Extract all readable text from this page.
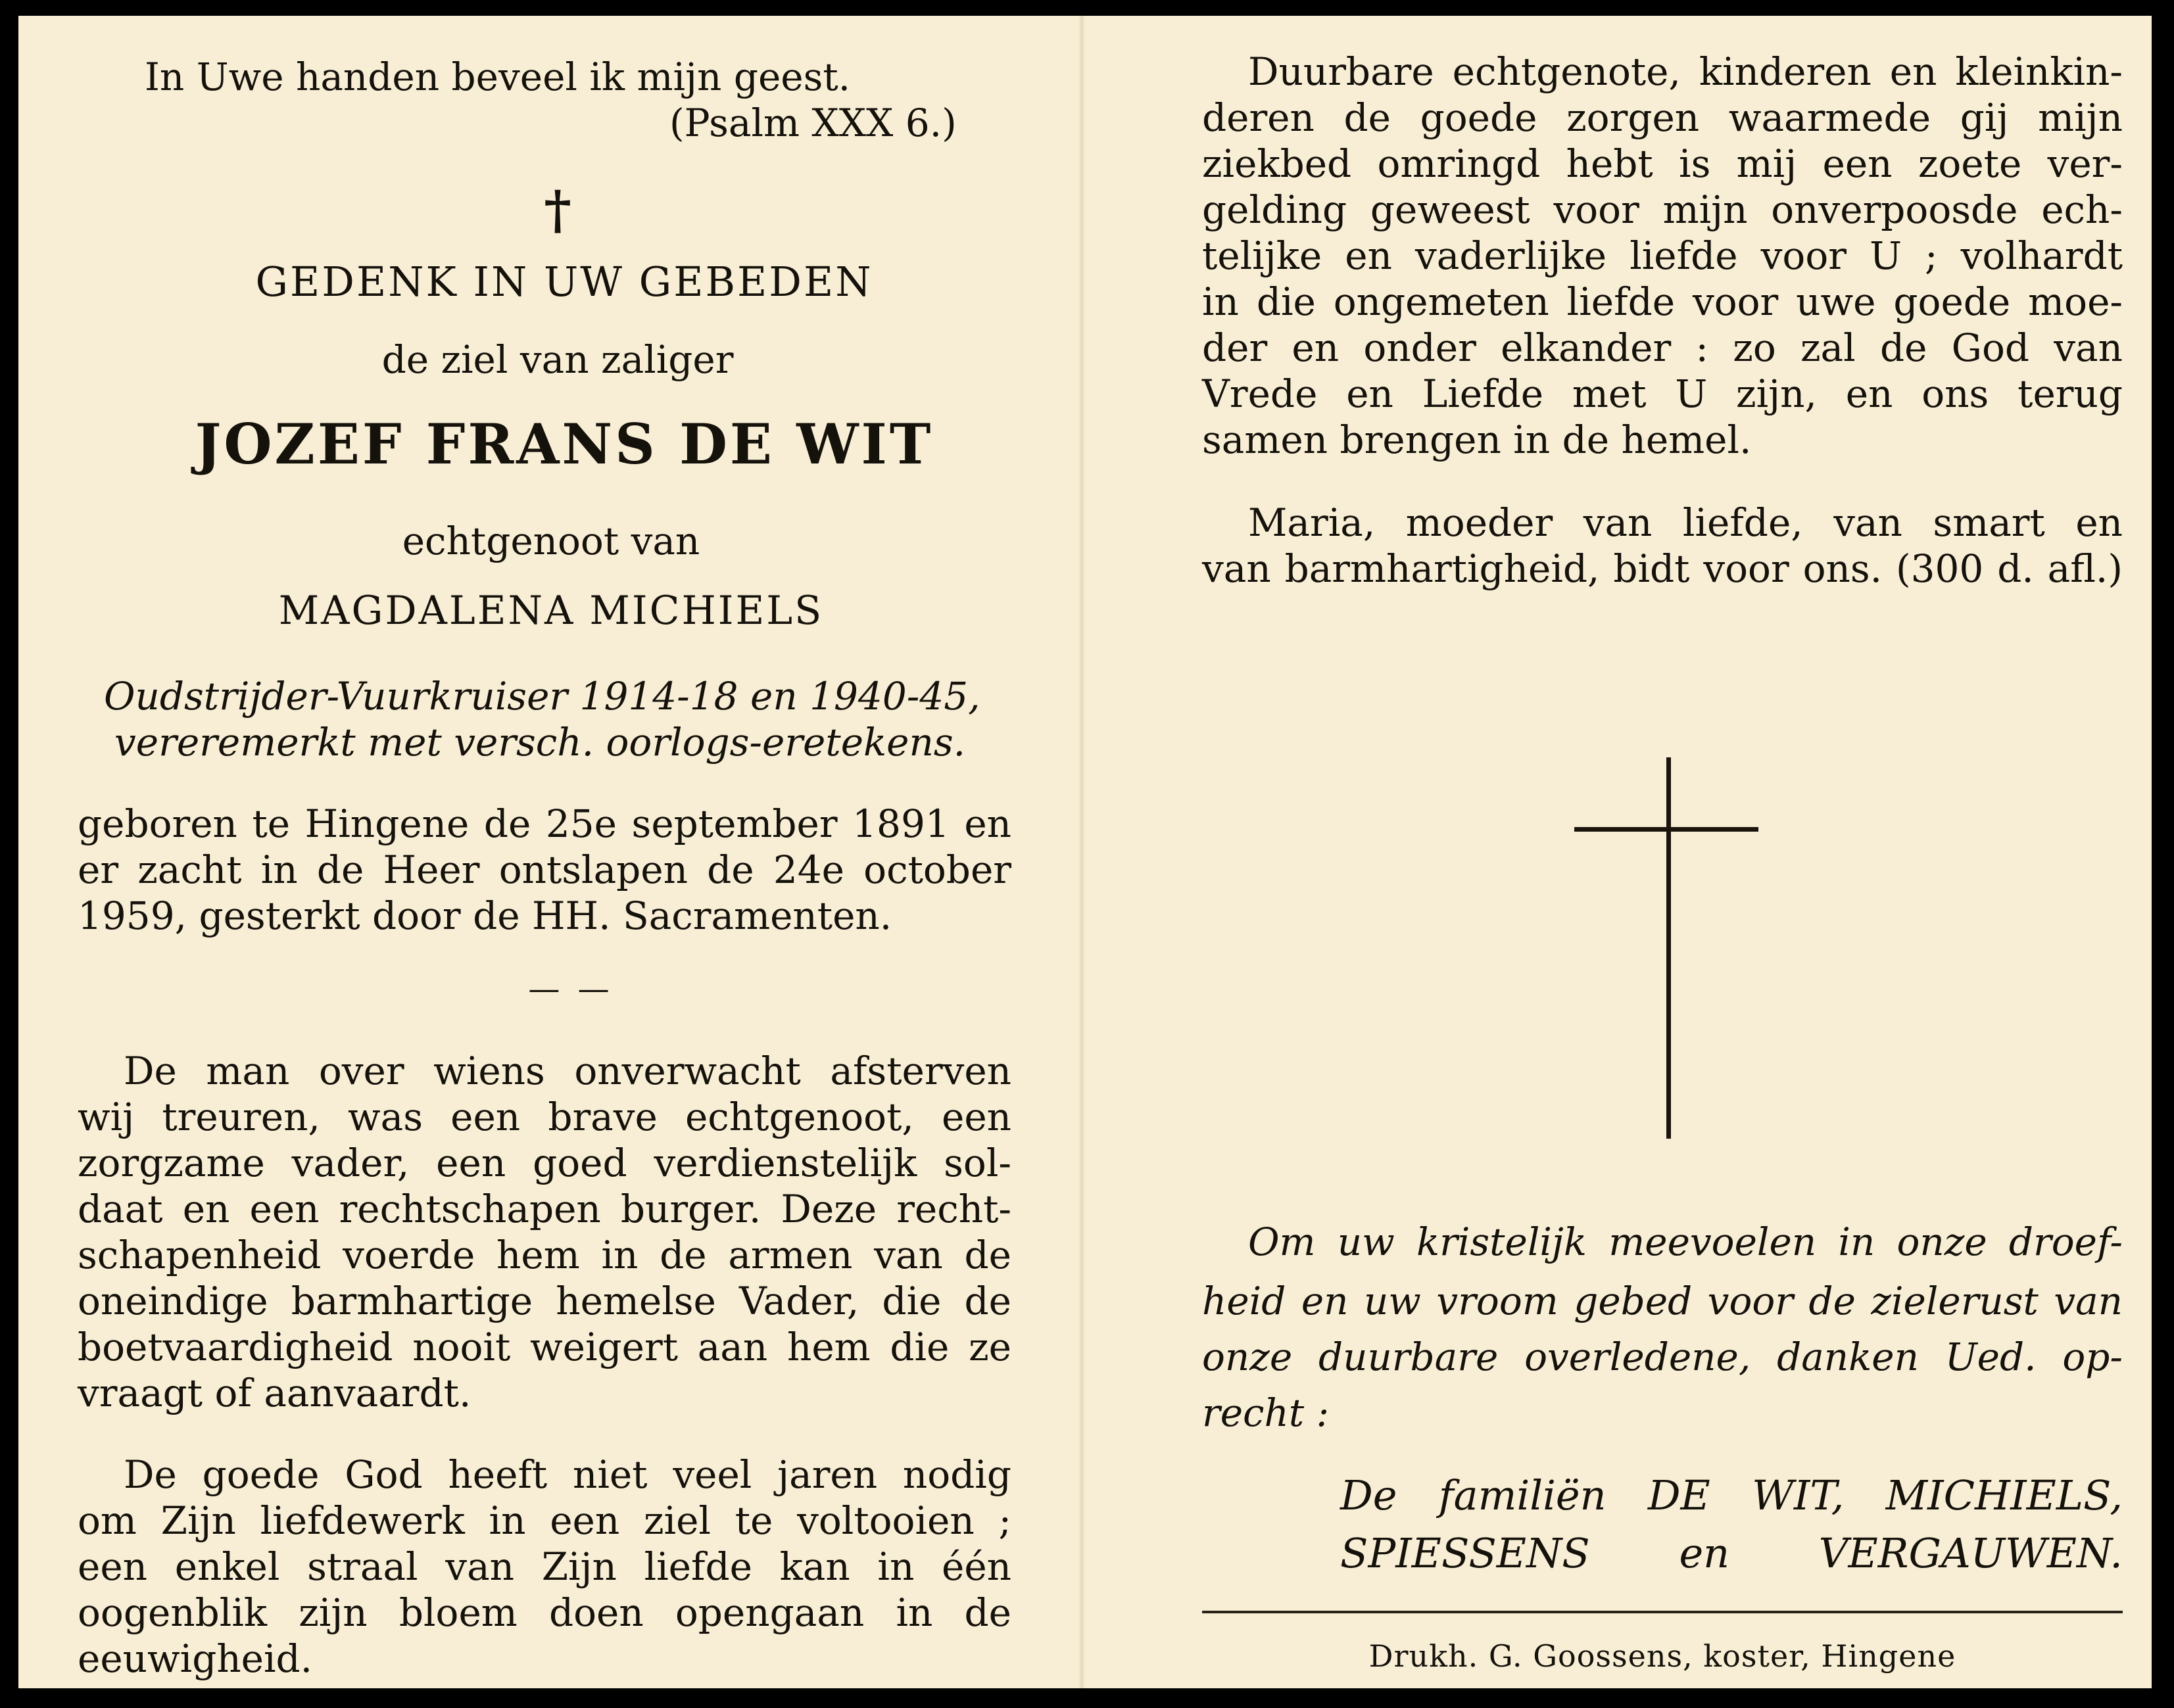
In Uwe handen beveel ik mijn geest.
(Psalm XXX 6.)
†
GEDENK IN UW GEBEDEN
de ziel van zaliger
JOZEF FRANS DE WIT
echtgenoot van
MAGDALENA MICHIELS
Oudstrijder-Vuurkruiser 1914-18 en 1940-45,
vereremerkt met versch. oorlogs-eretekens.
geboren te Hingene de 25e september 1891 en
er zacht in de Heer ontslapen de 24e october
1959, gesterkt door de HH. Sacramenten.
— —
De man over wiens onverwacht afsterven
wij treuren, was een brave echtgenoot, een
zorgzame vader, een goed verdienstelijk sol-
daat en een rechtschapen burger. Deze recht-
schapenheid voerde hem in de armen van de
oneindige barmhartige hemelse Vader, die de
boetvaardigheid nooit weigert aan hem die ze
vraagt of aanvaardt.
De goede God heeft niet veel jaren nodig
om Zijn liefdewerk in een ziel te voltooien ;
een enkel straal van Zijn liefde kan in één
oogenblik zijn bloem doen opengaan in de
eeuwigheid.
Duurbare echtgenote, kinderen en kleinkin-
deren de goede zorgen waarmede gij mijn
ziekbed omringd hebt is mij een zoete ver-
gelding geweest voor mijn onverpoosde ech-
telijke en vaderlijke liefde voor U ; volhardt
in die ongemeten liefde voor uwe goede moe-
der en onder elkander : zo zal de God van
Vrede en Liefde met U zijn, en ons terug
samen brengen in de hemel.
Maria, moeder van liefde, van smart en
van barmhartigheid, bidt voor ons. (300 d. afl.)
Om uw kristelijk meevoelen in onze droef-
heid en uw vroom gebed voor de zielerust van
onze duurbare overledene, danken Ued. op-
recht :
De familiën DE WIT, MICHIELS,
SPIESSENS en VERGAUWEN.
Drukh. G. Goossens, koster, Hingene
